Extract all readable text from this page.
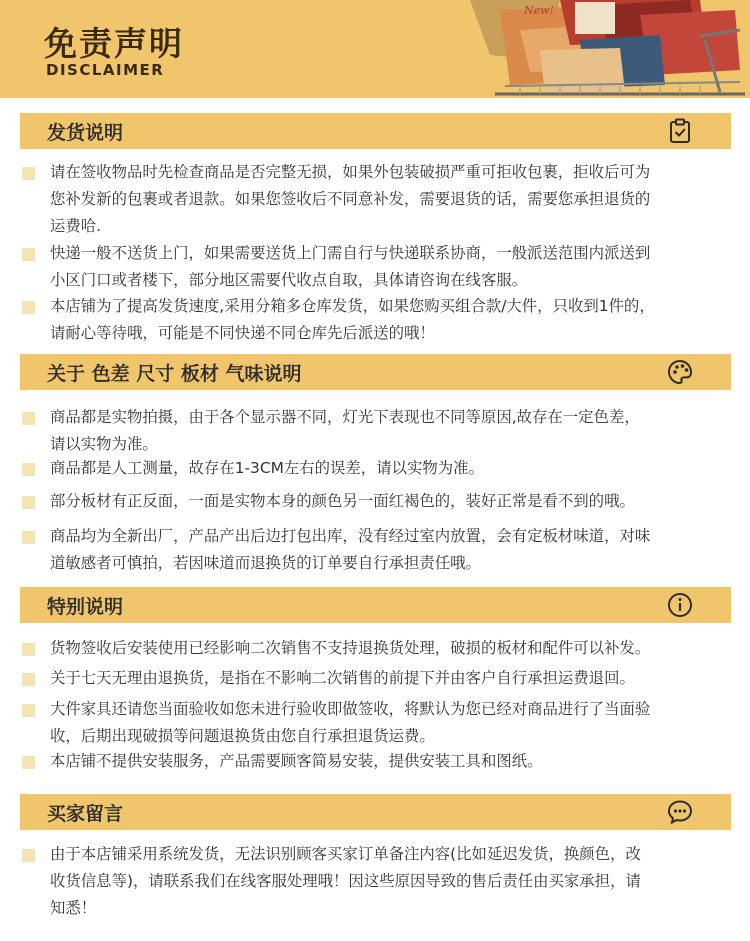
New!
免责声明
DISCLAIMER
发货说明
请在签收物品时先检查商品是否完整无损，如果外包装破损严重可拒收包裹，拒收后可为
您补发新的包裹或者退款。如果您签收后不同意补发，需要退货的话，需要您承担退货的
运费哈.
快递一般不送货上门，如果需要送货上门需自行与快递联系协商，一般派送范围内派送到
小区门口或者楼下，部分地区需要代收点自取，具体请咨询在线客服。
本店铺为了提高发货速度,采用分箱多仓库发货，如果您购买组合款/大件，只收到1件的，
请耐心等待哦，可能是不同快递不同仓库先后派送的哦！
关于 色差 尺寸 板材 气味说明
商品都是实物拍摄，由于各个显示器不同，灯光下表现也不同等原因,故存在一定色差，
请以实物为准。
商品都是人工测量，故存在1-3CM左右的误差，请以实物为准。
部分板材有正反面，一面是实物本身的颜色另一面红褐色的，装好正常是看不到的哦。
商品均为全新出厂，产品产出后边打包出库，没有经过室内放置，会有定板材味道，对味
道敏感者可慎拍，若因味道而退换货的订单要自行承担责任哦。
特别说明
货物签收后安装使用已经影响二次销售不支持退换货处理，破损的板材和配件可以补发。
关于七天无理由退换货，是指在不影响二次销售的前提下并由客户自行承担运费退回。
大件家具还请您当面验收如您未进行验收即做签收，将默认为您已经对商品进行了当面验
收，后期出现破损等问题退换货由您自行承担退货运费。
本店铺不提供安装服务，产品需要顾客简易安装，提供安装工具和图纸。
买家留言
由于本店铺采用系统发货，无法识别顾客买家订单备注内容(比如延迟发货，换颜色，改
收货信息等)，请联系我们在线客服处理哦！因这些原因导致的售后责任由买家承担，请
知悉！
